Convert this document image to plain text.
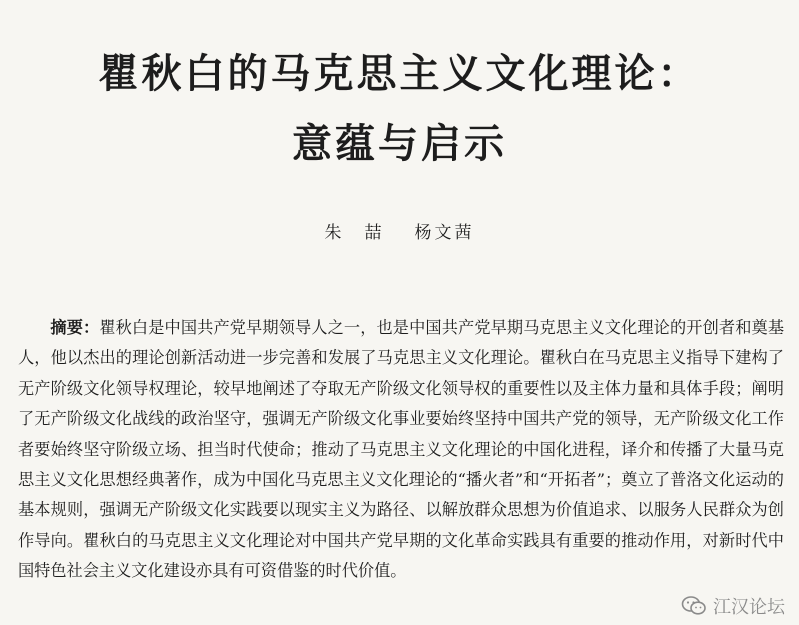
瞿秋白的马克思主义文化理论：
意蕴与启示
朱　喆 杨文茜

摘要：瞿秋白是中国共产党早期领导人之一，也是中国共产党早期马克思主义文化理论的开创者和奠基人，他以杰出的理论创新活动进一步完善和发展了马克思主义文化理论。瞿秋白在马克思主义指导下建构了无产阶级文化领导权理论，较早地阐述了夺取无产阶级文化领导权的重要性以及主体力量和具体手段；阐明了无产阶级文化战线的政治坚守，强调无产阶级文化事业要始终坚持中国共产党的领导，无产阶级文化工作者要始终坚守阶级立场、担当时代使命；推动了马克思主义文化理论的中国化进程，译介和传播了大量马克思主义文化思想经典著作，成为中国化马克思主义文化理论的“播火者”和“开拓者”；奠立了普洛文化运动的基本规则，强调无产阶级文化实践要以现实主义为路径、以解放群众思想为价值追求、以服务人民群众为创作导向。瞿秋白的马克思主义文化理论对中国共产党早期的文化革命实践具有重要的推动作用，对新时代中国特色社会主义文化建设亦具有可资借鉴的时代价值。

江汉论坛
